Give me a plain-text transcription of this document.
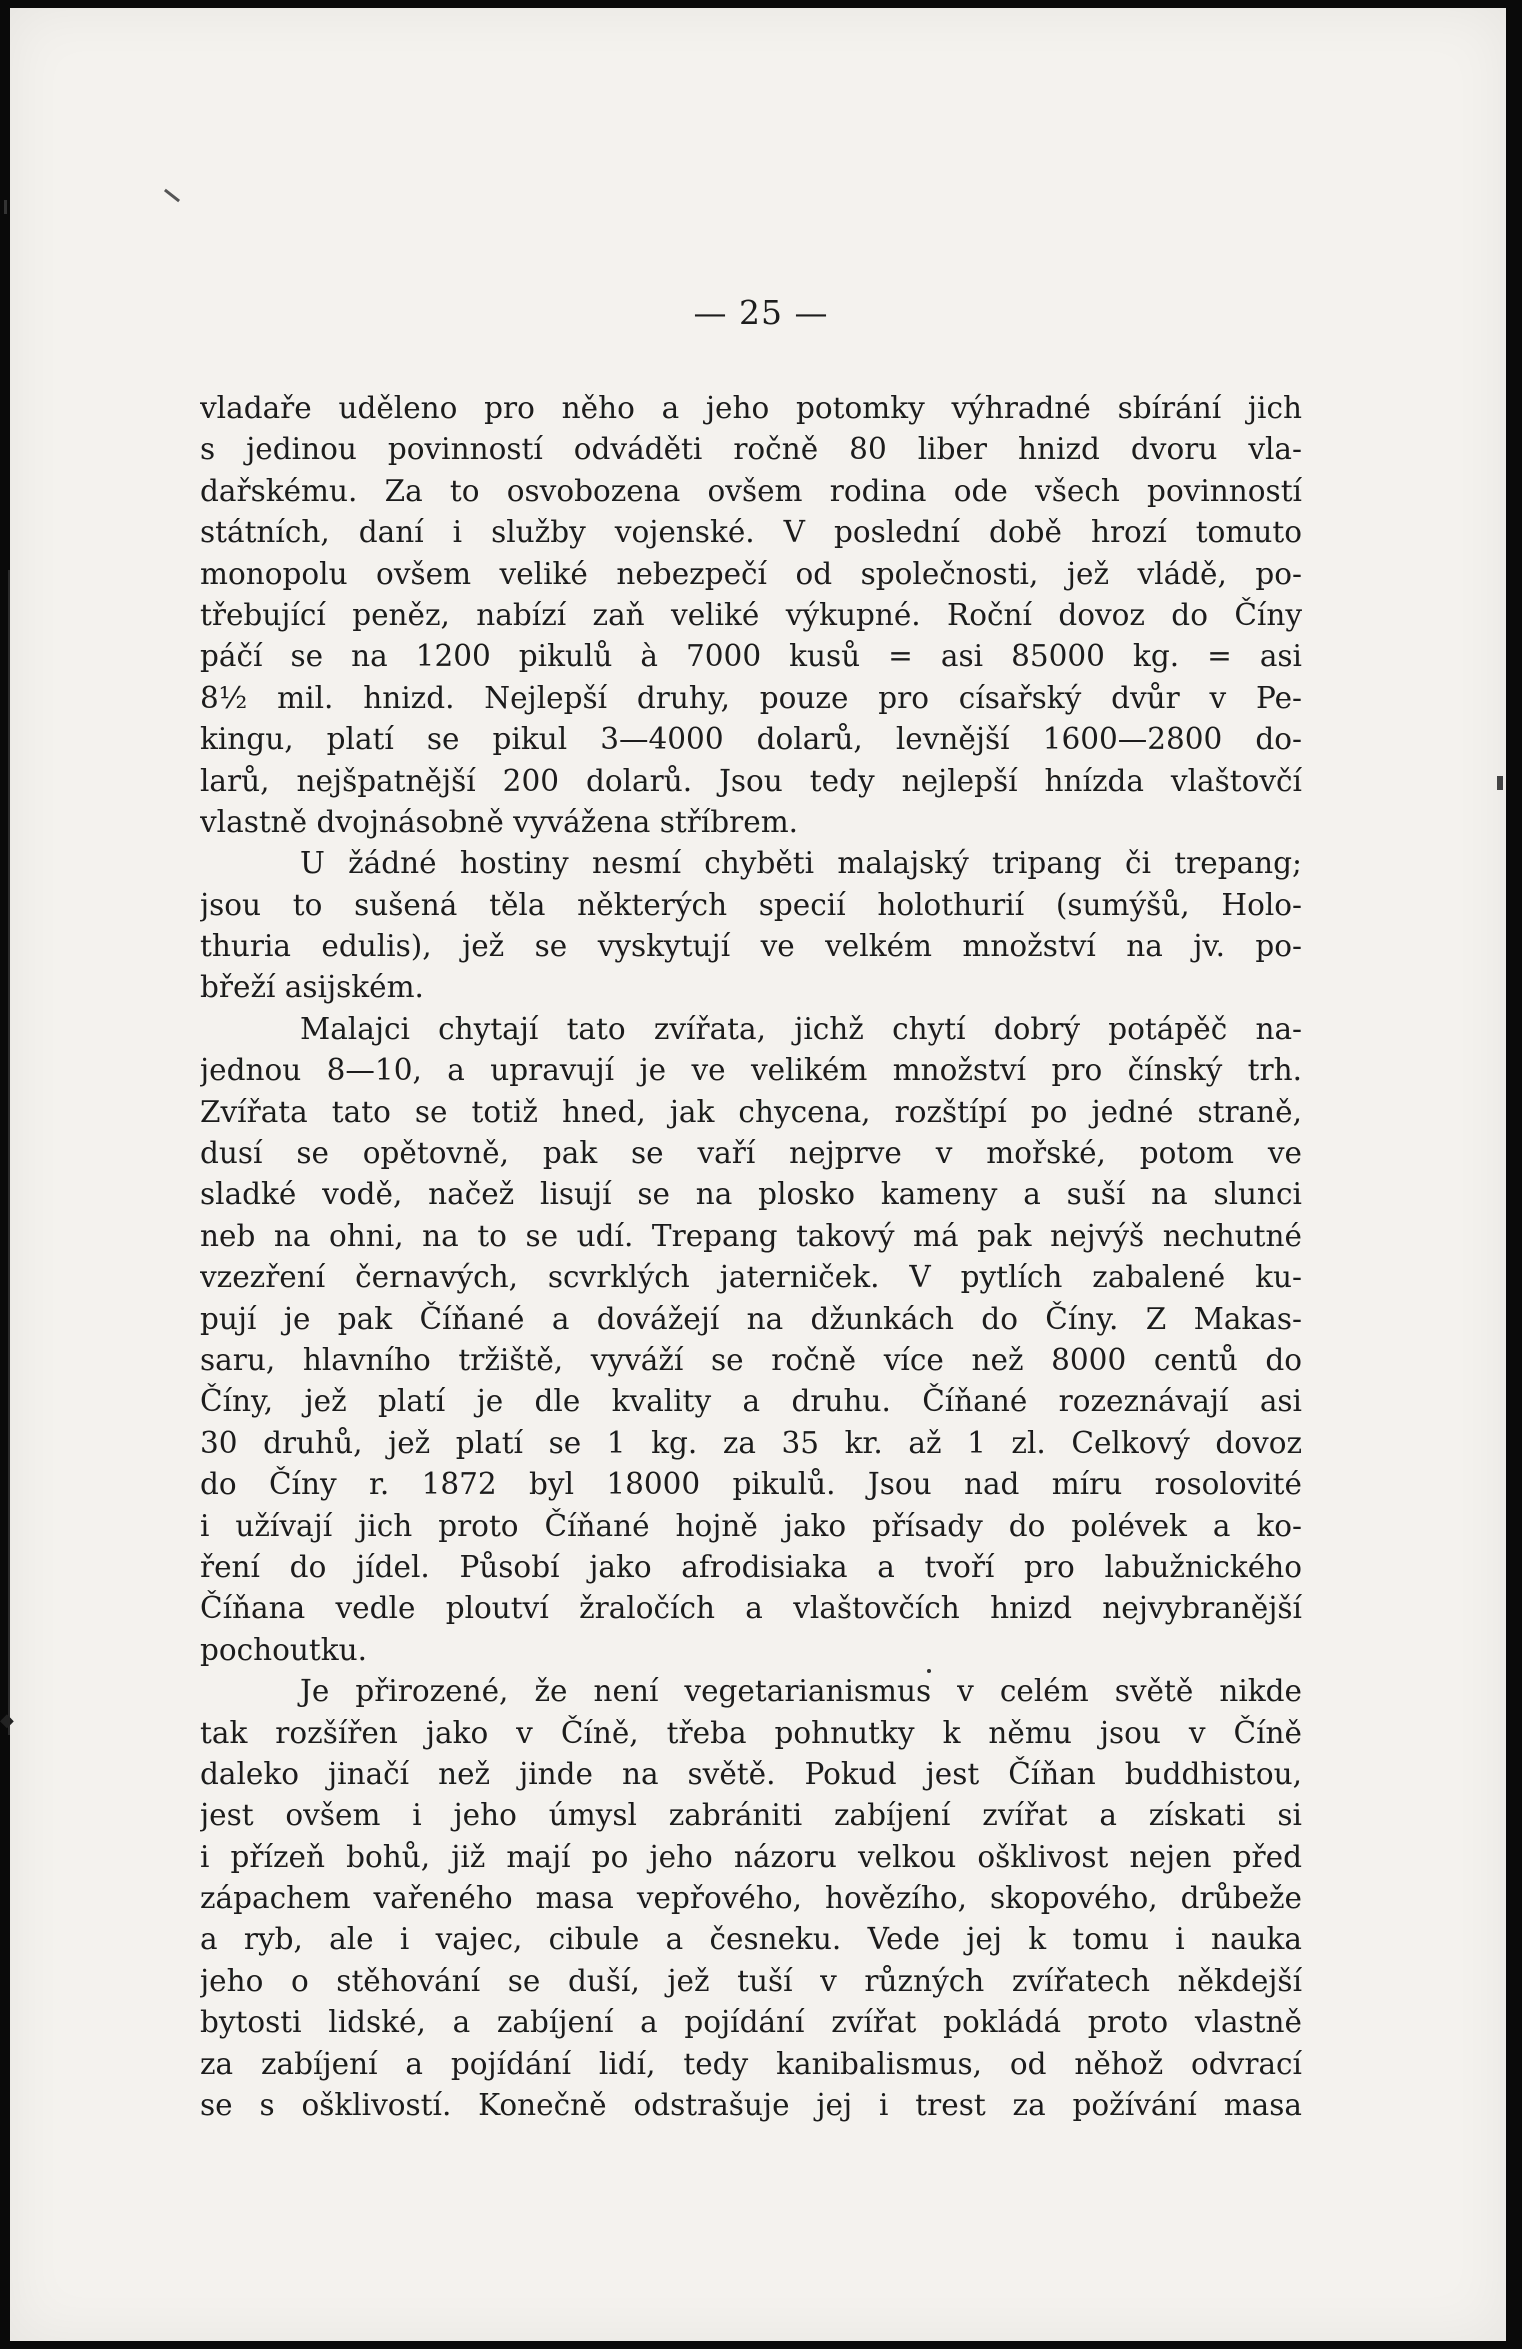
◆
— 25 —
vladaře uděleno pro něho a jeho potomky výhradné sbírání jich
s jedinou povinností odváděti ročně 80 liber hnizd dvoru vla-
dařskému. Za to osvobozena ovšem rodina ode všech povinností
státních, daní i služby vojenské. V poslední době hrozí tomuto
monopolu ovšem veliké nebezpečí od společnosti, jež vládě, po-
třebující peněz, nabízí zaň veliké výkupné. Roční dovoz do Číny
páčí se na 1200 pikulů à 7000 kusů = asi 85000 kg. = asi
8½ mil. hnizd. Nejlepší druhy, pouze pro císařský dvůr v Pe-
kingu, platí se pikul 3—4000 dolarů, levnější 1600—2800 do-
larů, nejšpatnější 200 dolarů. Jsou tedy nejlepší hnízda vlaštovčí
vlastně dvojnásobně vyvážena stříbrem.
U žádné hostiny nesmí chyběti malajský tripang či trepang;
jsou to sušená těla některých specií holothurií (sumýšů, Holo-
thuria edulis), jež se vyskytují ve velkém množství na jv. po-
břeží asijském.
Malajci chytají tato zvířata, jichž chytí dobrý potápěč na-
jednou 8—10, a upravují je ve velikém množství pro čínský trh.
Zvířata tato se totiž hned, jak chycena, rozštípí po jedné straně,
dusí se opětovně, pak se vaří nejprve v mořské, potom ve
sladké vodě, načež lisují se na plosko kameny a suší na slunci
neb na ohni, na to se udí. Trepang takový má pak nejvýš nechutné
vzezření černavých, scvrklých jaterniček. V pytlích zabalené ku-
pují je pak Číňané a dovážejí na džunkách do Číny. Z Makas-
saru, hlavního tržiště, vyváží se ročně více než 8000 centů do
Číny, jež platí je dle kvality a druhu. Číňané rozeznávají asi
30 druhů, jež platí se 1 kg. za 35 kr. až 1 zl. Celkový dovoz
do Číny r. 1872 byl 18000 pikulů. Jsou nad míru rosolovité
i užívají jich proto Číňané hojně jako přísady do polévek a ko-
ření do jídel. Působí jako afrodisiaka a tvoří pro labužnického
Číňana vedle ploutví žraločích a vlaštovčích hnizd nejvybranější
pochoutku.
Je přirozené, že není vegetarianismus v celém světě nikde
tak rozšířen jako v Číně, třeba pohnutky k němu jsou v Číně
daleko jinačí než jinde na světě. Pokud jest Číňan buddhistou,
jest ovšem i jeho úmysl zabrániti zabíjení zvířat a získati si
i přízeň bohů, již mají po jeho názoru velkou ošklivost nejen před
zápachem vařeného masa vepřového, hovězího, skopového, drůbeže
a ryb, ale i vajec, cibule a česneku. Vede jej k tomu i nauka
jeho o stěhování se duší, jež tuší v různých zvířatech někdejší
bytosti lidské, a zabíjení a pojídání zvířat pokládá proto vlastně
za zabíjení a pojídání lidí, tedy kanibalismus, od něhož odvrací
se s ošklivostí. Konečně odstrašuje jej i trest za požívání masa
